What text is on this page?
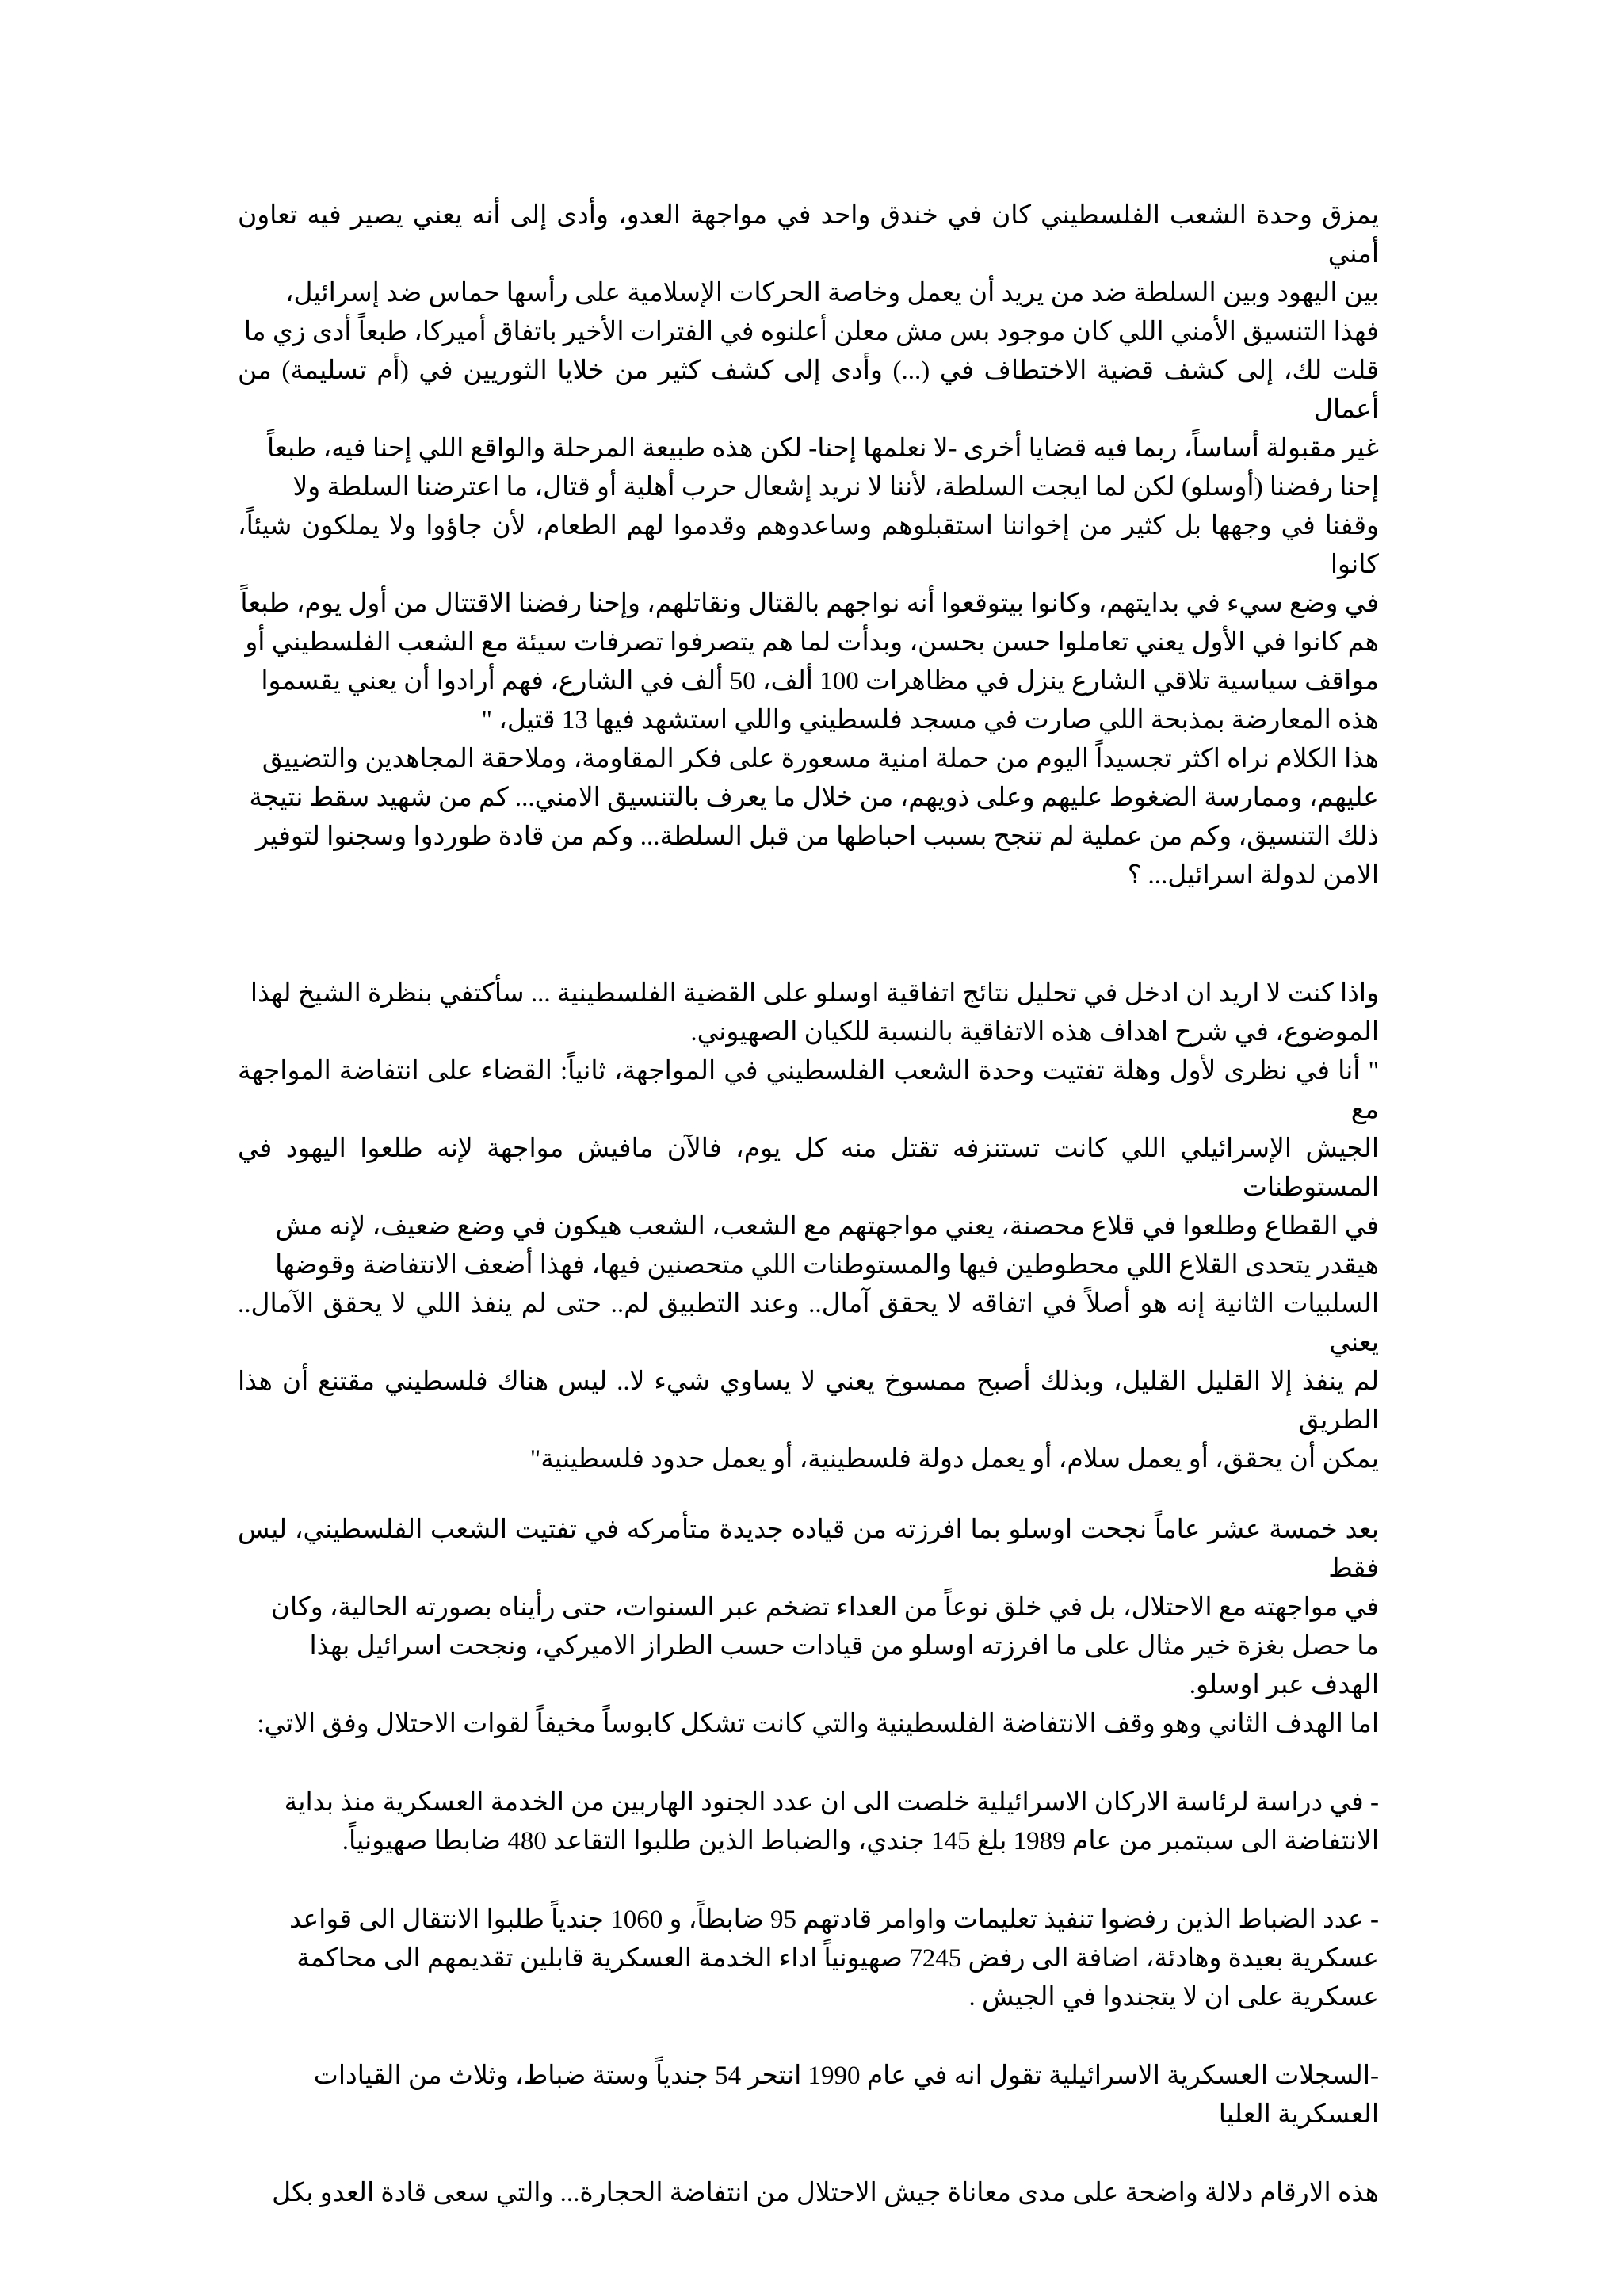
يمزق وحدة الشعب الفلسطيني كان في خندق واحد في مواجهة العدو، وأدى إلى أنه يعني يصير فيه تعاون أمني
بين اليهود وبين السلطة ضد من يريد أن يعمل وخاصة الحركات الإسلامية على رأسها حماس ضد إسرائيل،
فهذا التنسيق الأمني اللي كان موجود بس مش معلن أعلنوه في الفترات الأخير باتفاق أميركا، طبعاً أدى زي ما
قلت لك، إلى كشف قضية الاختطاف في (...) وأدى إلى كشف كثير من خلايا الثوريين في (أم تسليمة) من أعمال
غير مقبولة أساساً، ربما فيه قضايا أخرى -لا نعلمها إحنا- لكن هذه طبيعة المرحلة والواقع اللي إحنا فيه، طبعاً
إحنا رفضنا (أوسلو) لكن لما ايجت السلطة، لأننا لا نريد إشعال حرب أهلية أو قتال، ما اعترضنا السلطة ولا
وقفنا في وجهها بل كثير من إخواننا استقبلوهم وساعدوهم وقدموا لهم الطعام، لأن جاؤوا ولا يملكون شيئاً، كانوا
في وضع سيء في بدايتهم، وكانوا بيتوقعوا أنه نواجهم بالقتال ونقاتلهم، وإحنا رفضنا الاقتتال من أول يوم، طبعاً
هم كانوا في الأول يعني تعاملوا حسن بحسن، وبدأت لما هم يتصرفوا تصرفات سيئة مع الشعب الفلسطيني أو
مواقف سياسية تلاقي الشارع ينزل في مظاهرات 100 ألف، 50 ألف في الشارع، فهم أرادوا أن يعني يقسموا
هذه المعارضة بمذبحة اللي صارت في مسجد فلسطيني واللي استشهد فيها 13 قتيل، "

هذا الكلام نراه اكثر تجسيداً اليوم من حملة امنية مسعورة على فكر المقاومة، وملاحقة المجاهدين والتضييق
عليهم، وممارسة الضغوط عليهم وعلى ذويهم، من خلال ما يعرف بالتنسيق الامني... كم من شهيد سقط نتيجة
ذلك التنسيق، وكم من عملية لم تنجح بسبب احباطها من قبل السلطة... وكم من قادة طوردوا وسجنوا لتوفير
الامن لدولة اسرائيل... ؟

واذا كنت لا اريد ان ادخل في تحليل نتائج اتفاقية اوسلو على القضية الفلسطينية ... سأكتفي بنظرة الشيخ لهذا
الموضوع، في شرح اهداف هذه الاتفاقية بالنسبة للكيان الصهيوني.

" أنا في نظرى لأول وهلة تفتيت وحدة الشعب الفلسطيني في المواجهة، ثانياً: القضاء على انتفاضة المواجهة مع
الجيش الإسرائيلي اللي كانت تستنزفه تقتل منه كل يوم، فالآن مافيش مواجهة لإنه طلعوا اليهود في المستوطنات
في القطاع وطلعوا في قلاع محصنة، يعني مواجهتهم مع الشعب، الشعب هيكون في وضع ضعيف، لإنه مش
هيقدر يتحدى القلاع اللي محطوطين فيها والمستوطنات اللي متحصنين فيها، فهذا أضعف الانتفاضة وقوضها
السلبيات الثانية إنه هو أصلاً في اتفاقه لا يحقق آمال.. وعند التطبيق لم.. حتى لم ينفذ اللي لا يحقق الآمال.. يعني
لم ينفذ إلا القليل القليل، وبذلك أصبح ممسوخ يعني لا يساوي شيء لا.. ليس هناك فلسطيني مقتنع أن هذا الطريق
يمكن أن يحقق، أو يعمل سلام، أو يعمل دولة فلسطينية، أو يعمل حدود فلسطينية"

بعد خمسة عشر عاماً نجحت اوسلو بما افرزته من قياده جديدة متأمركه في تفتيت الشعب الفلسطيني، ليس فقط
في مواجهته مع الاحتلال، بل في خلق نوعاً من العداء تضخم عبر السنوات، حتى رأيناه بصورته الحالية، وكان
ما حصل بغزة خير مثال على ما افرزته اوسلو من قيادات حسب الطراز الاميركي، ونجحت اسرائيل بهذا
الهدف عبر اوسلو.

اما الهدف الثاني وهو وقف الانتفاضة الفلسطينية والتي كانت تشكل كابوساً مخيفاً لقوات الاحتلال وفق الاتي:

- في دراسة لرئاسة الاركان الاسرائيلية خلصت الى ان عدد الجنود الهاربين من الخدمة العسكرية منذ بداية
الانتفاضة الى سبتمبر من عام 1989 بلغ 145 جندي، والضباط الذين طلبوا التقاعد 480 ضابطا صهيونياً.

- عدد الضباط الذين رفضوا تنفيذ تعليمات واوامر قادتهم 95 ضابطاً، و 1060 جندياً طلبوا الانتقال الى قواعد
عسكرية بعيدة وهادئة، اضافة الى رفض 7245 صهيونياً اداء الخدمة العسكرية قابلين تقديمهم الى محاكمة
عسكرية على ان لا يتجندوا في الجيش .

-السجلات العسكرية الاسرائيلية تقول انه في عام 1990 انتحر 54 جندياً وستة ضباط، وثلاث من القيادات
العسكرية العليا

هذه الارقام دلالة واضحة على مدى معاناة جيش الاحتلال من انتفاضة الحجارة... والتي سعى قادة العدو بكل
